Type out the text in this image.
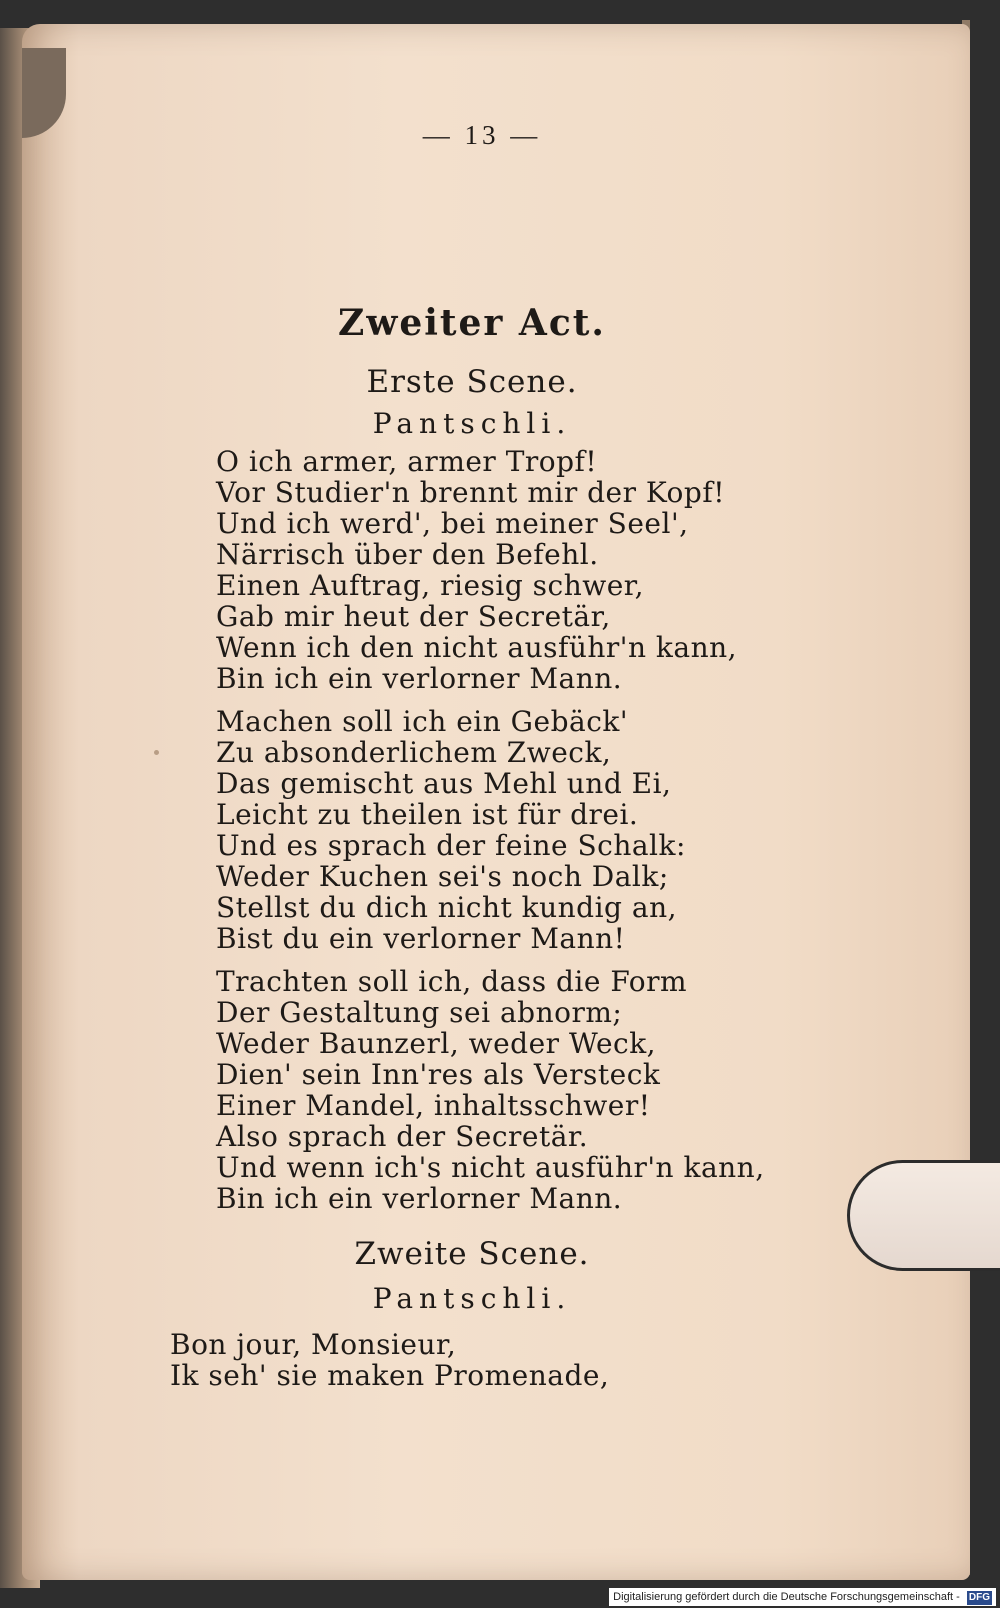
— 13 —
Zweiter Act.
Erste Scene.
Pantschli.
O ich armer, armer Tropf!
Vor Studier'n brennt mir der Kopf!
Und ich werd', bei meiner Seel',
Närrisch über den Befehl.
Einen Auftrag, riesig schwer,
Gab mir heut der Secretär,
Wenn ich den nicht ausführ'n kann,
Bin ich ein verlorner Mann.
Machen soll ich ein Gebäck'
Zu absonderlichem Zweck,
Das gemischt aus Mehl und Ei,
Leicht zu theilen ist für drei.
Und es sprach der feine Schalk:
Weder Kuchen sei's noch Dalk;
Stellst du dich nicht kundig an,
Bist du ein verlorner Mann!
Trachten soll ich, dass die Form
Der Gestaltung sei abnorm;
Weder Baunzerl, weder Weck,
Dien' sein Inn'res als Versteck
Einer Mandel, inhaltsschwer!
Also sprach der Secretär.
Und wenn ich's nicht ausführ'n kann,
Bin ich ein verlorner Mann.
Zweite Scene.
Pantschli.
Bon jour, Monsieur,
Ik seh' sie maken Promenade,
Digitalisierung gefördert durch die Deutsche Forschungsgemeinschaft - DFG
